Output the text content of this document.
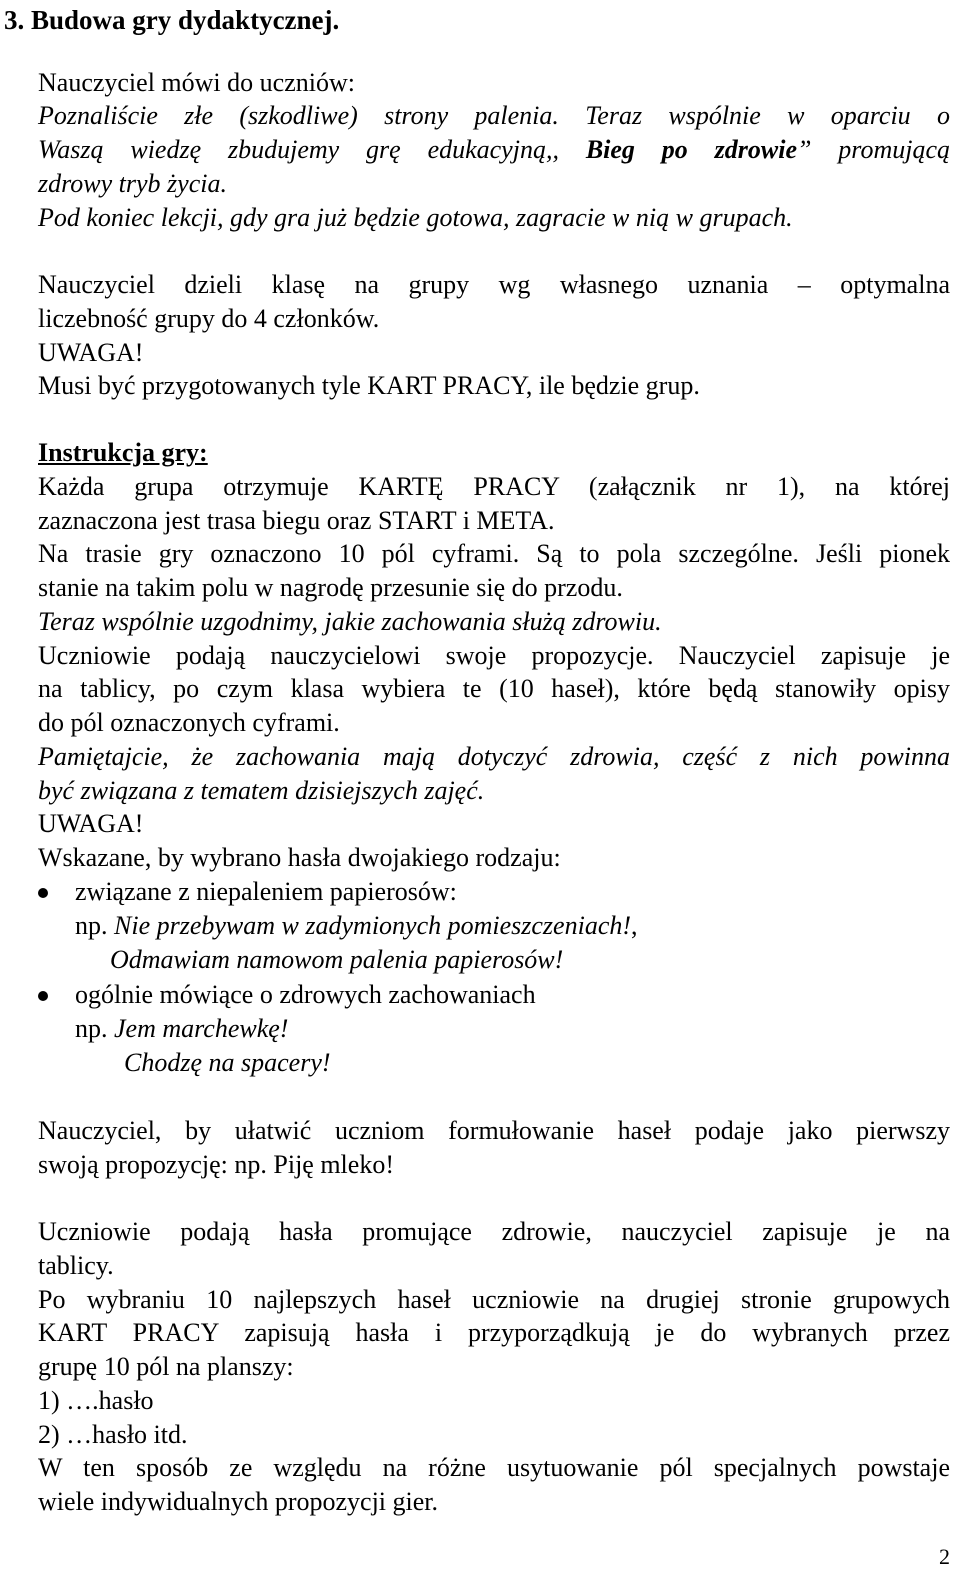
3. Budowa gry dydaktycznej.
Nauczyciel mówi do uczniów:
Poznaliście złe (szkodliwe) strony palenia. Teraz wspólnie w oparciu o
Waszą wiedzę zbudujemy grę edukacyjną,, Bieg po zdrowie” promującą
zdrowy tryb życia.
Pod koniec lekcji, gdy gra już będzie gotowa, zagracie w nią w grupach.
Nauczyciel dzieli klasę na grupy wg własnego uznania – optymalna
liczebność grupy do 4 członków.
UWAGA!
Musi być przygotowanych tyle KART PRACY, ile będzie grup.
Instrukcja gry:
Każda grupa otrzymuje KARTĘ PRACY (załącznik nr 1), na której
zaznaczona jest trasa biegu oraz START i META.
Na trasie gry oznaczono 10 pól cyframi. Są to pola szczególne. Jeśli pionek
stanie na takim polu w nagrodę przesunie się do przodu.
Teraz wspólnie uzgodnimy, jakie zachowania służą zdrowiu.
Uczniowie podają nauczycielowi swoje propozycje. Nauczyciel zapisuje je
na tablicy, po czym klasa wybiera te (10 haseł), które będą stanowiły opisy
do pól oznaczonych cyframi.
Pamiętajcie, że zachowania mają dotyczyć zdrowia, część z nich powinna
być związana z tematem dzisiejszych zajęć.
UWAGA!
Wskazane, by wybrano hasła dwojakiego rodzaju:
związane z niepaleniem papierosów:
np. Nie przebywam w zadymionych pomieszczeniach!,
Odmawiam namowom palenia papierosów!
ogólnie mówiące o zdrowych zachowaniach
np. Jem marchewkę!
Chodzę na spacery!
Nauczyciel, by ułatwić uczniom formułowanie haseł podaje jako pierwszy
swoją propozycję: np. Piję mleko!
Uczniowie podają hasła promujące zdrowie, nauczyciel zapisuje je na
tablicy.
Po wybraniu 10 najlepszych haseł uczniowie na drugiej stronie grupowych
KART PRACY zapisują hasła i przyporządkują je do wybranych przez
grupę 10 pól na planszy:
1) ….hasło
2) …hasło itd.
W ten sposób ze względu na różne usytuowanie pól specjalnych powstaje
wiele indywidualnych propozycji gier.
2
